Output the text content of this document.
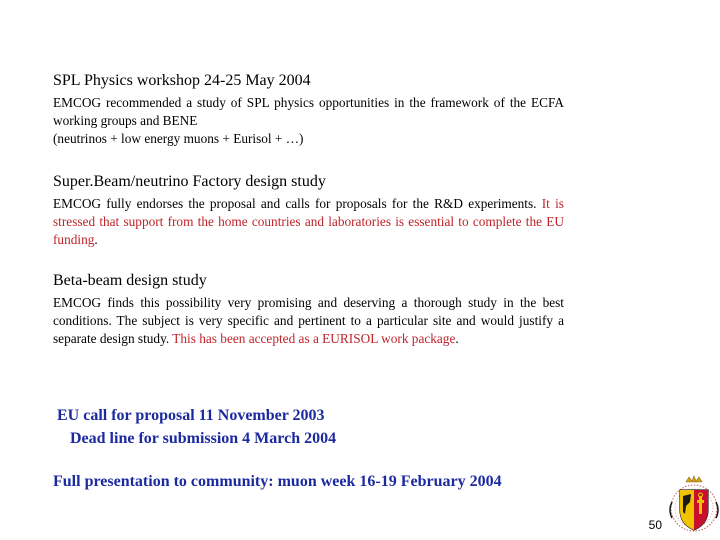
SPL Physics workshop 24-25 May 2004

EMCOG recommended a study of SPL physics opportunities in the framework of the ECFA working groups and BENE

(neutrinos + low energy muons + Eurisol + …)

Super.Beam/neutrino Factory design study

EMCOG fully endorses the proposal and calls for proposals for the R&D experiments. It is stressed that support from the home countries and laboratories is essential to complete the EU funding.

Beta-beam design study

EMCOG finds this possibility very promising and deserving a thorough study in the best conditions. The subject is very specific and pertinent to a particular site and would justify a separate design study. This has been accepted as a EURISOL work package.

EU call for proposal 11 November 2003
Dead line for submission 4 March 2004
Full presentation to community: muon week 16-19 February 2004
50
